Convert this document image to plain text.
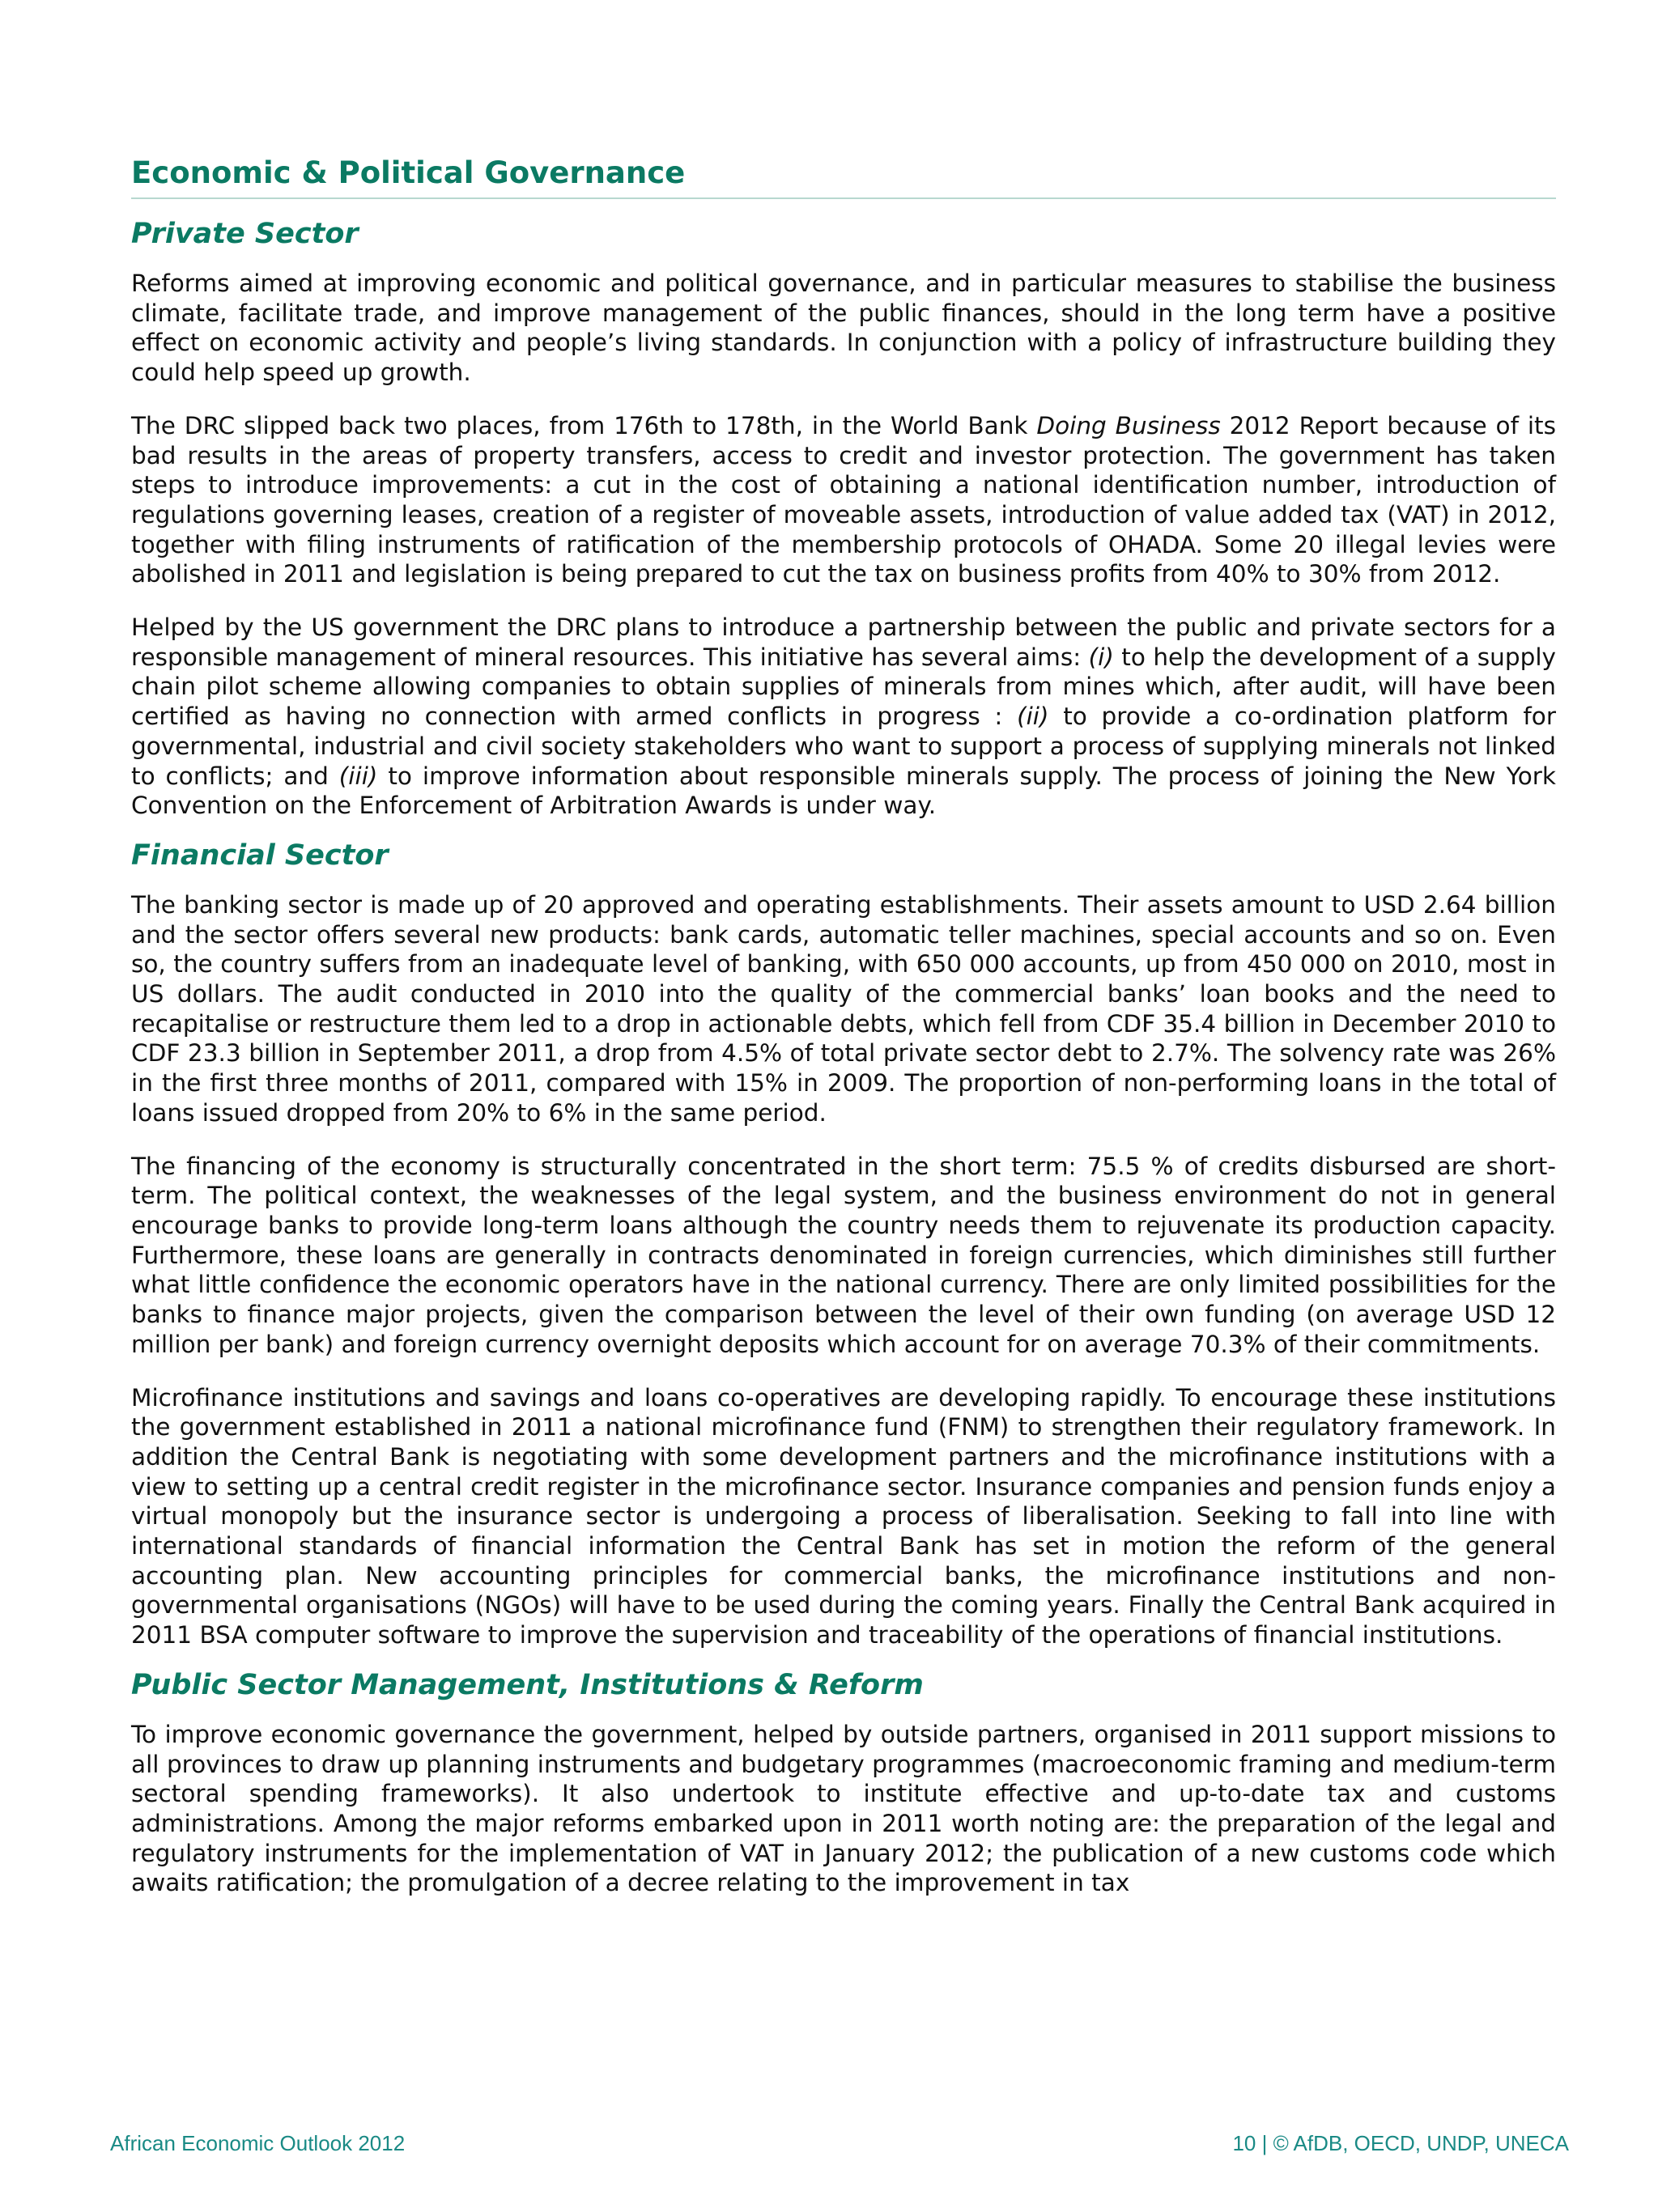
Economic & Political Governance
Private Sector

Reforms aimed at improving economic and political governance, and in particular measures to stabilise the business climate, facilitate trade, and improve management of the public finances, should in the long term have a positive effect on economic activity and people’s living standards. In conjunction with a policy of infrastructure building they could help speed up growth.

The DRC slipped back two places, from 176th to 178th, in the World Bank Doing Business 2012 Report because of its bad results in the areas of property transfers, access to credit and investor protection. The government has taken steps to introduce improvements: a cut in the cost of obtaining a national identification number, introduction of regulations governing leases, creation of a register of moveable assets, introduction of value added tax (VAT) in 2012, together with filing instruments of ratification of the membership protocols of OHADA. Some 20 illegal levies were abolished in 2011 and legislation is being prepared to cut the tax on business profits from 40% to 30% from 2012.

Helped by the US government the DRC plans to introduce a partnership between the public and private sectors for a responsible management of mineral resources. This initiative has several aims: (i) to help the development of a supply chain pilot scheme allowing companies to obtain supplies of minerals from mines which, after audit, will have been certified as having no connection with armed conflicts in progress : (ii) to provide a co-ordination platform for governmental, industrial and civil society stakeholders who want to support a process of supplying minerals not linked to conflicts; and (iii) to improve information about responsible minerals supply. The process of joining the New York Convention on the Enforcement of Arbitration Awards is under way.

Financial Sector

The banking sector is made up of 20 approved and operating establishments. Their assets amount to USD 2.64 billion and the sector offers several new products: bank cards, automatic teller machines, special accounts and so on. Even so, the country suffers from an inadequate level of banking, with 650 000 accounts, up from 450 000 on 2010, most in US dollars. The audit conducted in 2010 into the quality of the commercial banks’ loan books and the need to recapitalise or restructure them led to a drop in actionable debts, which fell from CDF 35.4 billion in December 2010 to CDF 23.3 billion in September 2011, a drop from 4.5% of total private sector debt to 2.7%. The solvency rate was 26% in the first three months of 2011, compared with 15% in 2009. The proportion of non-performing loans in the total of loans issued dropped from 20% to 6% in the same period.

The financing of the economy is structurally concentrated in the short term: 75.5 % of credits disbursed are short-term. The political context, the weaknesses of the legal system, and the business environment do not in general encourage banks to provide long-term loans although the country needs them to rejuvenate its production capacity. Furthermore, these loans are generally in contracts denominated in foreign currencies, which diminishes still further what little confidence the economic operators have in the national currency. There are only limited possibilities for the banks to finance major projects, given the comparison between the level of their own funding (on average USD 12 million per bank) and foreign currency overnight deposits which account for on average 70.3% of their commitments.

Microfinance institutions and savings and loans co-operatives are developing rapidly. To encourage these institutions the government established in 2011 a national microfinance fund (FNM) to strengthen their regulatory framework. In addition the Central Bank is negotiating with some development partners and the microfinance institutions with a view to setting up a central credit register in the microfinance sector. Insurance companies and pension funds enjoy a virtual monopoly but the insurance sector is undergoing a process of liberalisation. Seeking to fall into line with international standards of financial information the Central Bank has set in motion the reform of the general accounting plan. New accounting principles for commercial banks, the microfinance institutions and non-governmental organisations (NGOs) will have to be used during the coming years. Finally the Central Bank acquired in 2011 BSA computer software to improve the supervision and traceability of the operations of financial institutions.

Public Sector Management, Institutions & Reform

To improve economic governance the government, helped by outside partners, organised in 2011 support missions to all provinces to draw up planning instruments and budgetary programmes (macroeconomic framing and medium-term sectoral spending frameworks). It also undertook to institute effective and up-to-date tax and customs administrations. Among the major reforms embarked upon in 2011 worth noting are: the preparation of the legal and regulatory instruments for the implementation of VAT in January 2012; the publication of a new customs code which awaits ratification; the promulgation of a decree relating to the improvement in tax

African Economic Outlook 2012	10 | © AfDB, OECD, UNDP, UNECA
